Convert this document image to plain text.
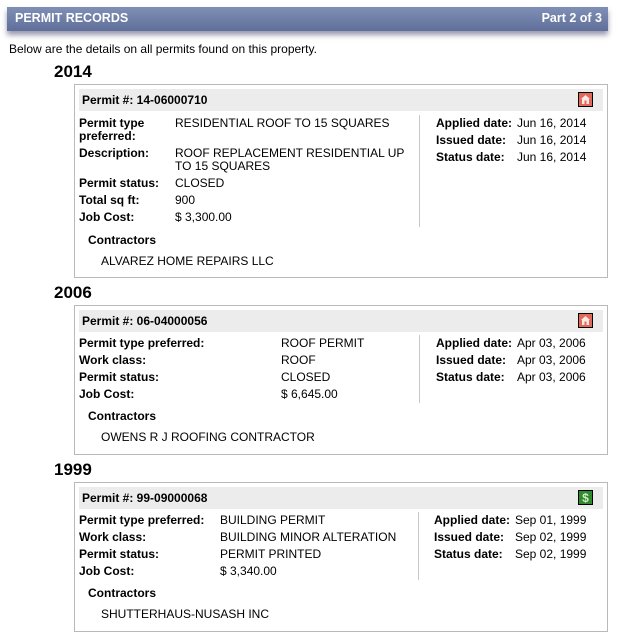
PERMIT RECORDS	Part 2 of 3
Below are the details on all permits found on this property.
2014
Permit #: 14-06000710
Permit type preferred:
RESIDENTIAL ROOF TO 15 SQUARES
Description: ROOF REPLACEMENT RESIDENTIAL UP TO 15 SQUARES
Permit status: CLOSED
Total sq ft:	900
Job Cost:	$ 3,300.00
Applied date: Jun 16, 2014
Issued date: Jun 16, 2014
Status date: Jun 16, 2014
Contractors
ALVAREZ HOME REPAIRS LLC
2006
Permit #: 06-04000056
Permit type preferred:	ROOF PERMIT
Work class:	ROOF
Permit status:	CLOSED
Job Cost:	$ 6,645.00
Applied date: Apr 03, 2006
Issued date: Apr 03, 2006
Status date: Apr 03, 2006
Contractors
OWENS R J ROOFING CONTRACTOR
1999
Permit #: 99-09000068	$
Permit type preferred: BUILDING PERMIT
Work class:	BUILDING MINOR ALTERATION
Permit status:	PERMIT PRINTED
Job Cost:	$ 3,340.00
Applied date: Sep 01, 1999
Issued date: Sep 02, 1999
Status date: Sep 02, 1999
Contractors
SHUTTERHAUS-NUSASH INC
